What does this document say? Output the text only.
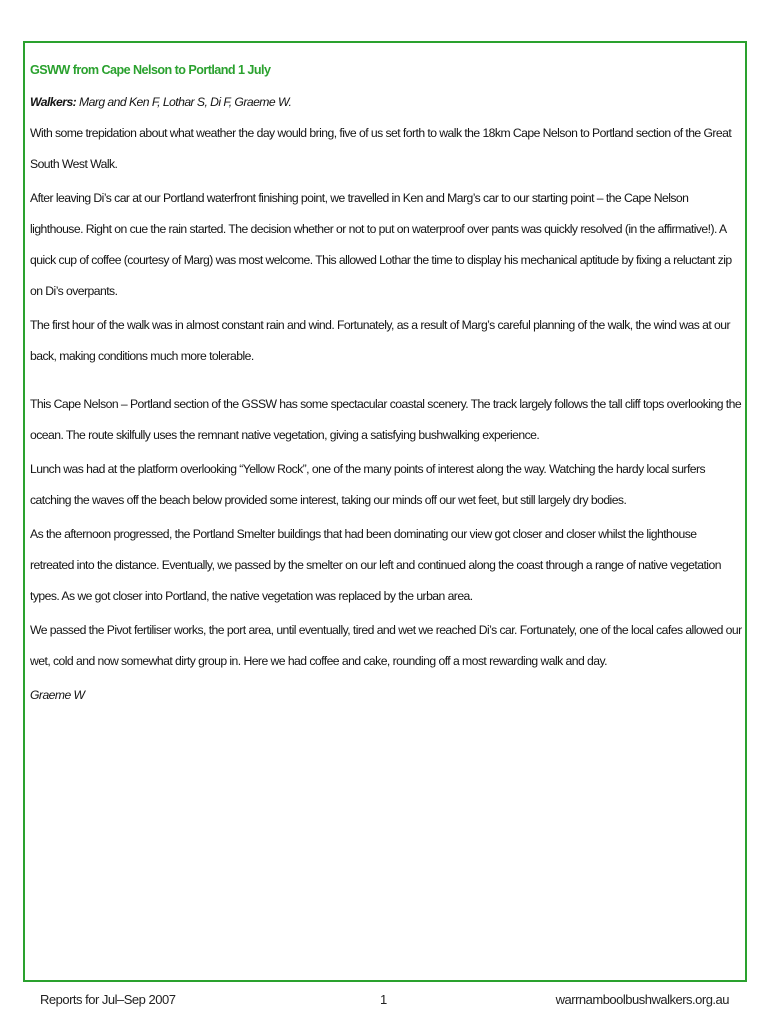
GSWW from Cape Nelson to Portland 1 July
Walkers: Marg and Ken F, Lothar S, Di F, Graeme W.

With some trepidation about what weather the day would bring, five of us set forth to walk the 18km Cape Nelson to Portland section of the Great South West Walk.

After leaving Di’s car at our Portland waterfront finishing point, we travelled in Ken and Marg’s car to our starting point – the Cape Nelson lighthouse. Right on cue the rain started. The decision whether or not to put on waterproof over pants was quickly resolved (in the affirmative!). A quick cup of coffee (courtesy of Marg) was most welcome. This allowed Lothar the time to display his mechanical aptitude by fixing a reluctant zip on Di’s overpants.

The first hour of the walk was in almost constant rain and wind. Fortunately, as a result of Marg’s careful planning of the walk, the wind was at our back, making conditions much more tolerable.

This Cape Nelson – Portland section of the GSSW has some spectacular coastal scenery. The track largely follows the tall cliff tops overlooking the ocean. The route skilfully uses the remnant native vegetation, giving a satisfying bushwalking experience.

Lunch was had at the platform overlooking “Yellow Rock”, one of the many points of interest along the way. Watching the hardy local surfers catching the waves off the beach below provided some interest, taking our minds off our wet feet, but still largely dry bodies.

As the afternoon progressed, the Portland Smelter buildings that had been dominating our view got closer and closer whilst the lighthouse retreated into the distance. Eventually, we passed by the smelter on our left and continued along the coast through a range of native vegetation types. As we got closer into Portland, the native vegetation was replaced by the urban area.

We passed the Pivot fertiliser works, the port area, until eventually, tired and wet we reached Di’s car. Fortunately, one of the local cafes allowed our wet, cold and now somewhat dirty group in. Here we had coffee and cake, rounding off a most rewarding walk and day.

Graeme W

Reports for Jul–Sep 2007	1	warrnamboolbushwalkers.org.au
